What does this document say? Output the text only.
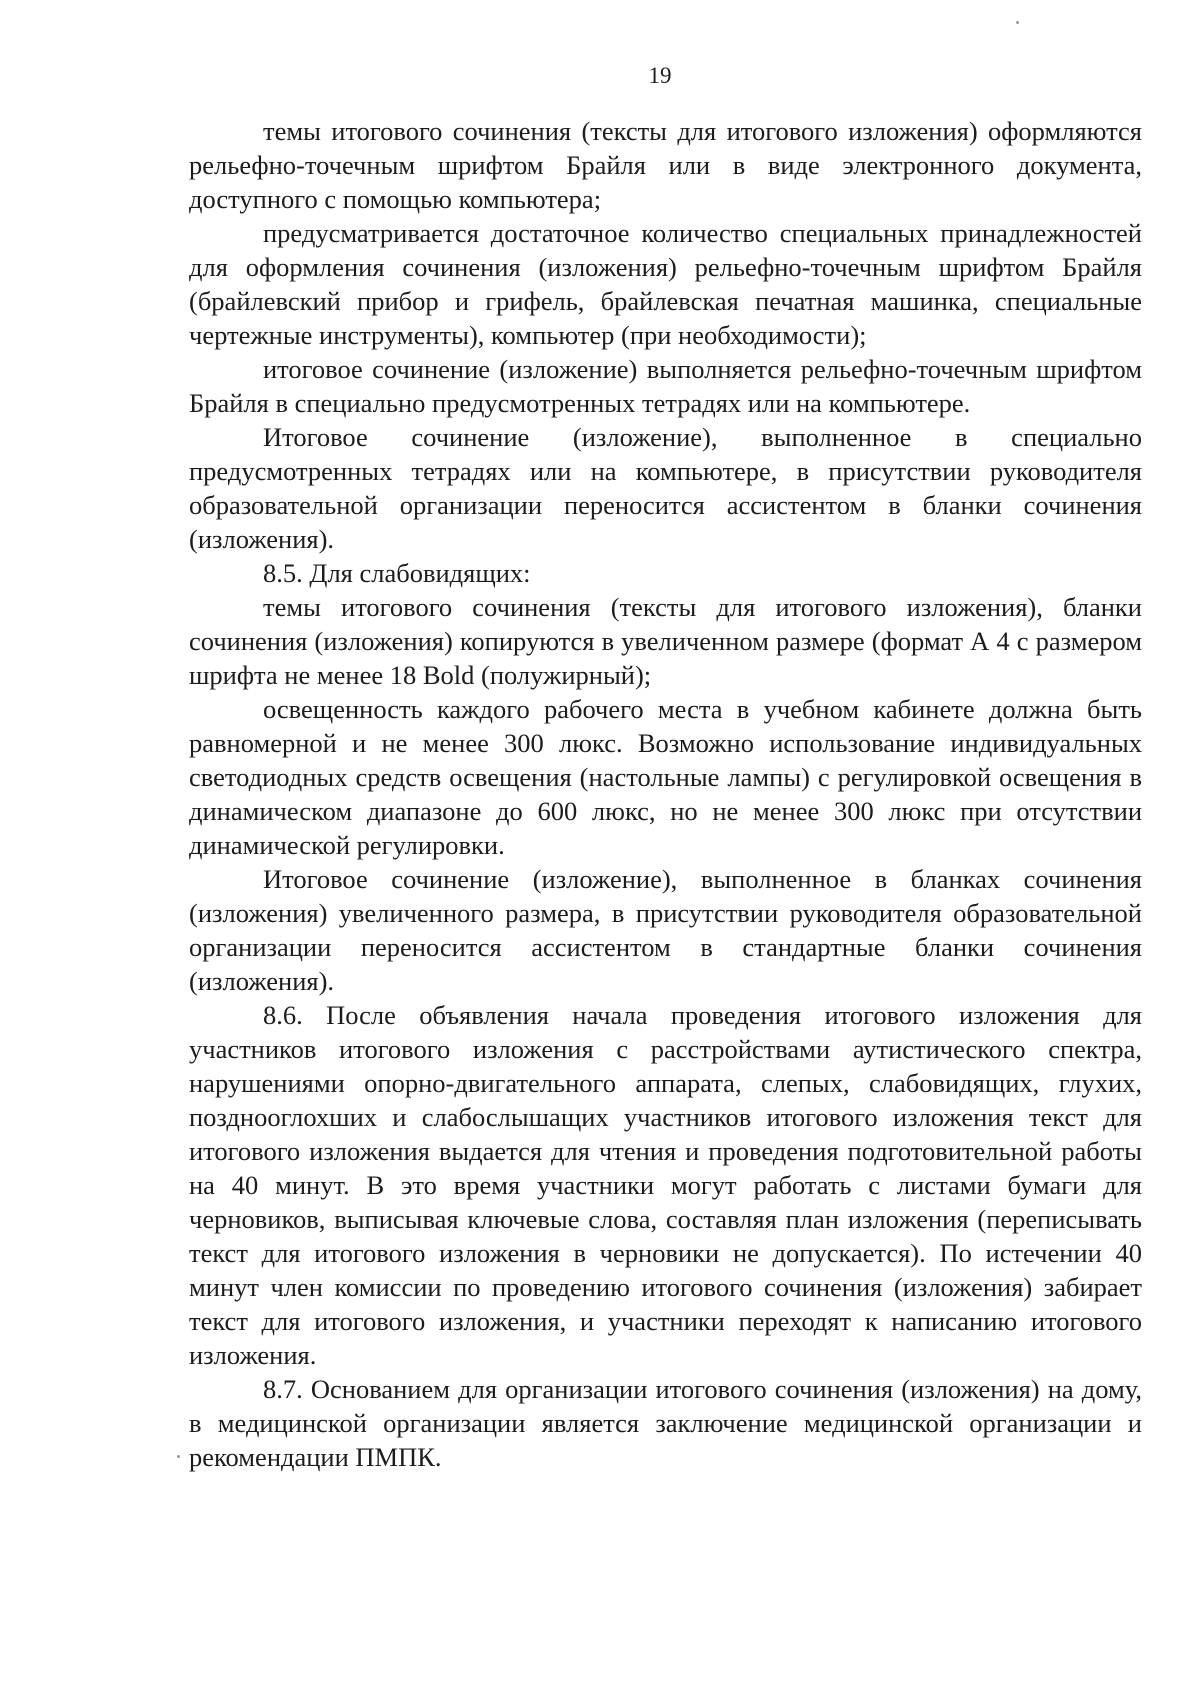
19

темы итогового сочинения (тексты для итогового изложения) оформляются рельефно-точечным шрифтом Брайля или в виде электронного документа, доступного с помощью компьютера;

предусматривается достаточное количество специальных принадлежностей для оформления сочинения (изложения) рельефно-точечным шрифтом Брайля (брайлевский прибор и грифель, брайлевская печатная машинка, специальные чертежные инструменты), компьютер (при необходимости);

итоговое сочинение (изложение) выполняется рельефно-точечным шрифтом Брайля в специально предусмотренных тетрадях или на компьютере.

Итоговое сочинение (изложение), выполненное в специально предусмотренных тетрадях или на компьютере, в присутствии руководителя образовательной организации переносится ассистентом в бланки сочинения (изложения).

8.5. Для слабовидящих:

темы итогового сочинения (тексты для итогового изложения), бланки сочинения (изложения) копируются в увеличенном размере (формат А 4 с размером шрифта не менее 18 Bold (полужирный);

освещенность каждого рабочего места в учебном кабинете должна быть равномерной и не менее 300 люкс. Возможно использование индивидуальных светодиодных средств освещения (настольные лампы) с регулировкой освещения в динамическом диапазоне до 600 люкс, но не менее 300 люкс при отсутствии динамической регулировки.

Итоговое сочинение (изложение), выполненное в бланках сочинения (изложения) увеличенного размера, в присутствии руководителя образовательной организации переносится ассистентом в стандартные бланки сочинения (изложения).

8.6. После объявления начала проведения итогового изложения для участников итогового изложения с расстройствами аутистического спектра, нарушениями опорно-двигательного аппарата, слепых, слабовидящих, глухих, позднооглохших и слабослышащих участников итогового изложения текст для итогового изложения выдается для чтения и проведения подготовительной работы на 40 минут. В это время участники могут работать с листами бумаги для черновиков, выписывая ключевые слова, составляя план изложения (переписывать текст для итогового изложения в черновики не допускается). По истечении 40 минут член комиссии по проведению итогового сочинения (изложения) забирает текст для итогового изложения, и участники переходят к написанию итогового изложения.

8.7. Основанием для организации итогового сочинения (изложения) на дому, в медицинской организации является заключение медицинской организации и рекомендации ПМПК.
